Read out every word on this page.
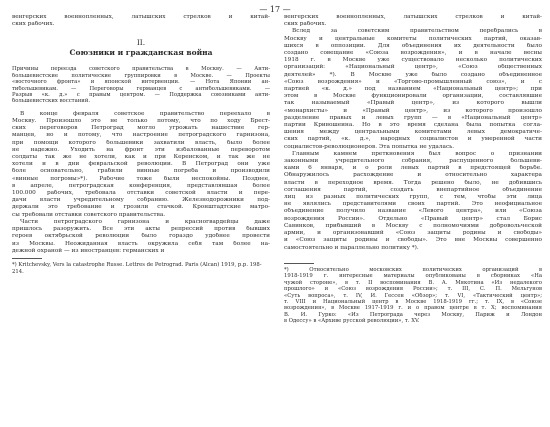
— 17 —
венгерских военнопленных, латышских стрелков и китай-
ских рабочих.
II.
Союзники и гражданская война
Причины переезда советского правительства в Москву. — Анти-
большевистские политические группировки в Москве. — Проекты
«восточного фронта» и японской интервенции. — Нота Японии ан-
тибольшевикам. — Переговоры германцев с антибольшевиками. —
Разрыв «к. д.» с правым центром. — Поддержка союзниками анти-
большевистских восстаний.
В конце февраля советское правительство переехало в
Москву. Произошло это не только потому, что по ходу Брест-
ских переговоров Петроград могло угрожать нашествие гер-
манцев, но и потому, что настроение петроградского гарнизона,
при помощи которого большевики захватили власть, было более
не надежно. Уходить на фронт эти избалованные переворотом
солдаты так же не хотели, как и при Керенском, и так же не
хотели и в дни февральской революции. В Петроград они уже
боле основательно, грабили винные погреба и производили
«винные погромы»*). Рабочие тоже были неспокойны. Позднее,
в апреле, петроградская конференция, представлявшая более
100.000 рабочих, требовала отставки советской власти и пере-
дачи власти учредительному собранию. Железнодорожники под-
держали это требование и грозили стачкой. Кронштадтские матро-
сы требовали отставки советского правительства.
Части петроградского гарнизона и красногвардейцы даже
пришлось разоружить. Все эти акты репрессий против бывших
героев октябрьской революции было гораздо удобнее провести
из Москвы. Неожиданная власть окружила себя там более на-
дежной охраной — из иностранцев: германских и
*) Kritchevsky, Vers la catastrophe Russe. Lettres de Petrograd. Paris (Alcan) 1919, p.p. 198-214.
венгерских военнопленных, латышских стрелков и китай-
ских рабочих.
Вслед за советским правительством перебрались в
Москву и центральные комитеты политических партий, оказав-
шихся в оппозиции. Для объединения их деятельности было
создано совещание «Союза возрождения», и в начале весны
1918 г. в Москве уже существовало несколько политических
организаций: «Национальный центр», «Союз общественных
деятелей» *). В Москве уже было создано объединенное
«Союз возрождения» и «Торгово-промышленный союз», и с
партией «к. д.» под названием «Национальный центр»; при
этом в Москве функционировали организации, составлявшие
так называемый «Правый центр», из которого вышли
«монархисты» и «Правый центр», из которого произошло
разделение правых и левых групп — в «Национальный центр»
партии Кривошеина. Но в это время сделана была попытка согла-
шения между центральными комитетами левых демократиче-
ских партий, «к. д.», народных социалистов и умеренной части
социалистов-революционеров. Эта попытка не удалась.
Главным камнем преткновения был вопрос о признании
законными учредительного собрания, распущенного большеви-
ками 6 января, и о роли левых партий в предстоящей борьбе.
Обнаружилось расхождение и относительно характера
власти в переходное время. Тогда решено было, не добившись
соглашения партий, создать внепартийное объединение
лиц из разных политических групп, с тем, чтобы эти лица
не являлись представителями своих партий. Это неофициальное
объединение получило название «Левого центра», или «Союза
возрождения России». Отдельно «Правый центр» стал Борис
Савинков, прибывший в Москву с полномочиями добровольческой
армии, и организовавший «Союз защиты родины и свободы»
и «Союз защиты родины и свободы». Это вне Москвы совершенно
самостоятельно и параллельно политику *).
*) Относительно московских политических организаций в
1918-1919 г. интересные материалы опубликованы в сборниках «На
чужой стороне», в т. II воспоминания В. А. Мякотина «Из недалекого
прошлого» и «Союз возрождения России»; т. III, С. П. Мельгунов
«Суть вопроса», т. IV, И. Гессен «Обзор»; т. VI, «Тактический центр»;
т. VIII и Национальный центр в Москве 1918-1919 гг.; т. IX, в «Союзе
возрождения», в Москве 1917-1919 г. и о правом центре в т. X; воспоминания
В. И. Гурко: «Из Петрограда через Москву, Париж и Лондон
в Одессу» в «Архиве русской революции», т. XV.
